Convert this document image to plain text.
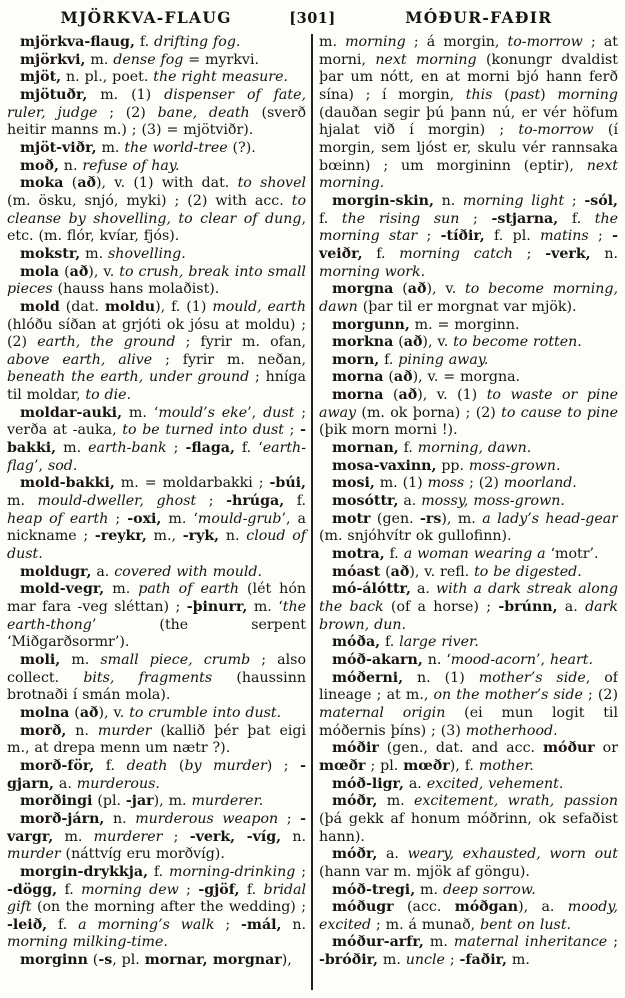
MJÖRKVA-FLAUG	[301]	MÓÐUR-FAÐIR

mjörkva-flaug, f. drifting fog.

mjörkvi, m. dense fog = myrkvi.

mjöt, n. pl., poet. the right measure.

mjötuðr, m. (1) dispenser of fate, ruler, judge ; (2) bane, death (sverð heitir manns m.) ; (3) = mjötviðr).

mjöt-viðr, m. the world-tree (?).

moð, n. refuse of hay.

moka (að), v. (1) with dat. to shovel (m. ösku, snjó, myki) ; (2) with acc. to cleanse by shovelling, to clear of dung, etc. (m. flór, kvíar, fjós).

mokstr, m. shovelling.

mola (að), v. to crush, break into small pieces (hauss hans molaðist).

mold (dat. moldu), f. (1) mould, earth (hlóðu síðan at grjóti ok jósu at moldu) ; (2) earth, the ground ; fyrir m. ofan, above earth, alive ; fyrir m. neðan, beneath the earth, under ground ; hníga til moldar, to die.

moldar-auki, m. ‘mould’s eke’, dust ; verða at -auka, to be turned into dust ; -bakki, m. earth-bank ; -flaga, f. ‘earth-flag’, sod.

mold-bakki, m. = moldarbakki ; -búi, m. mould-dweller, ghost ; -hrúga, f. heap of earth ; -oxi, m. ‘mould-grub’, a nickname ; -reykr, m., -ryk, n. cloud of dust.

moldugr, a. covered with mould.

mold-vegr, m. path of earth (lét hón mar fara -veg sléttan) ; -þinurr, m. ‘the earth-thong’ (the serpent ‘Miðgarðsormr’).

moli, m. small piece, crumb ; also collect. bits, fragments (haussinn brotnaði í smán mola).

molna (að), v. to crumble into dust.

morð, n. murder (kallið þér þat eigi m., at drepa menn um nætr ?).

morð-för, f. death (by murder) ; -gjarn, a. murderous.

morðingi (pl. -jar), m. murderer.

morð-járn, n. murderous weapon ; -vargr, m. murderer ; -verk, -víg, n. murder (náttvíg eru morðvíg).

morgin-drykkja, f. morning-drinking ; -dögg, f. morning dew ; -gjöf, f. bridal gift (on the morning after the wedding) ; -leið, f. a morning’s walk ; -mál, n. morning milking-time.

morginn (-s, pl. mornar, morgnar),

m. morning ; á morgin, to-morrow ; at morni, next morning (konungr dvaldist þar um nótt, en at morni bjó hann ferð sína) ; í morgin, this (past) morning (dauðan segir þú þann nú, er vér höfum hjalat við í morgin) ; to-morrow (í morgin, sem ljóst er, skulu vér rannsaka bœinn) ; um morgininn (eptir), next morning.

morgin-skin, n. morning light ; -sól, f. the rising sun ; -stjarna, f. the morning star ; -tíðir, f. pl. matins ; -veiðr, f. morning catch ; -verk, n. morning work.

morgna (að), v. to become morning, dawn (þar til er morgnat var mjök).

morgunn, m. = morginn.

morkna (að), v. to become rotten.

morn, f. pining away.

morna (að), v. = morgna.

morna (að), v. (1) to waste or pine away (m. ok þorna) ; (2) to cause to pine (þik morn morni !).

mornan, f. morning, dawn.

mosa-vaxinn, pp. moss-grown.

mosi, m. (1) moss ; (2) moorland.

mosóttr, a. mossy, moss-grown.

motr (gen. -rs), m. a lady’s head-gear (m. snjóhvítr ok gullofinn).

motra, f. a woman wearing a ‘motr’.

móast (að), v. refl. to be digested.

mó-álóttr, a. with a dark streak along the back (of a horse) ; -brúnn, a. dark brown, dun.

móða, f. large river.

móð-akarn, n. ‘mood-acorn’, heart.

móðerni, n. (1) mother’s side, of lineage ; at m., on the mother’s side ; (2) maternal origin (ei mun logit til móðernis þíns) ; (3) motherhood.

móðir (gen., dat. and acc. móður or mœðr ; pl. mœðr), f. mother.

móð-ligr, a. excited, vehement.

móðr, m. excitement, wrath, passion (þá gekk af honum móðrinn, ok sefaðist hann).

móðr, a. weary, exhausted, worn out (hann var m. mjök af göngu).

móð-tregi, m. deep sorrow.

móðugr (acc. móðgan), a. moody, excited ; m. á munað, bent on lust.

móður-arfr, m. maternal inheritance ; -bróðir, m. uncle ; -faðir, m.
